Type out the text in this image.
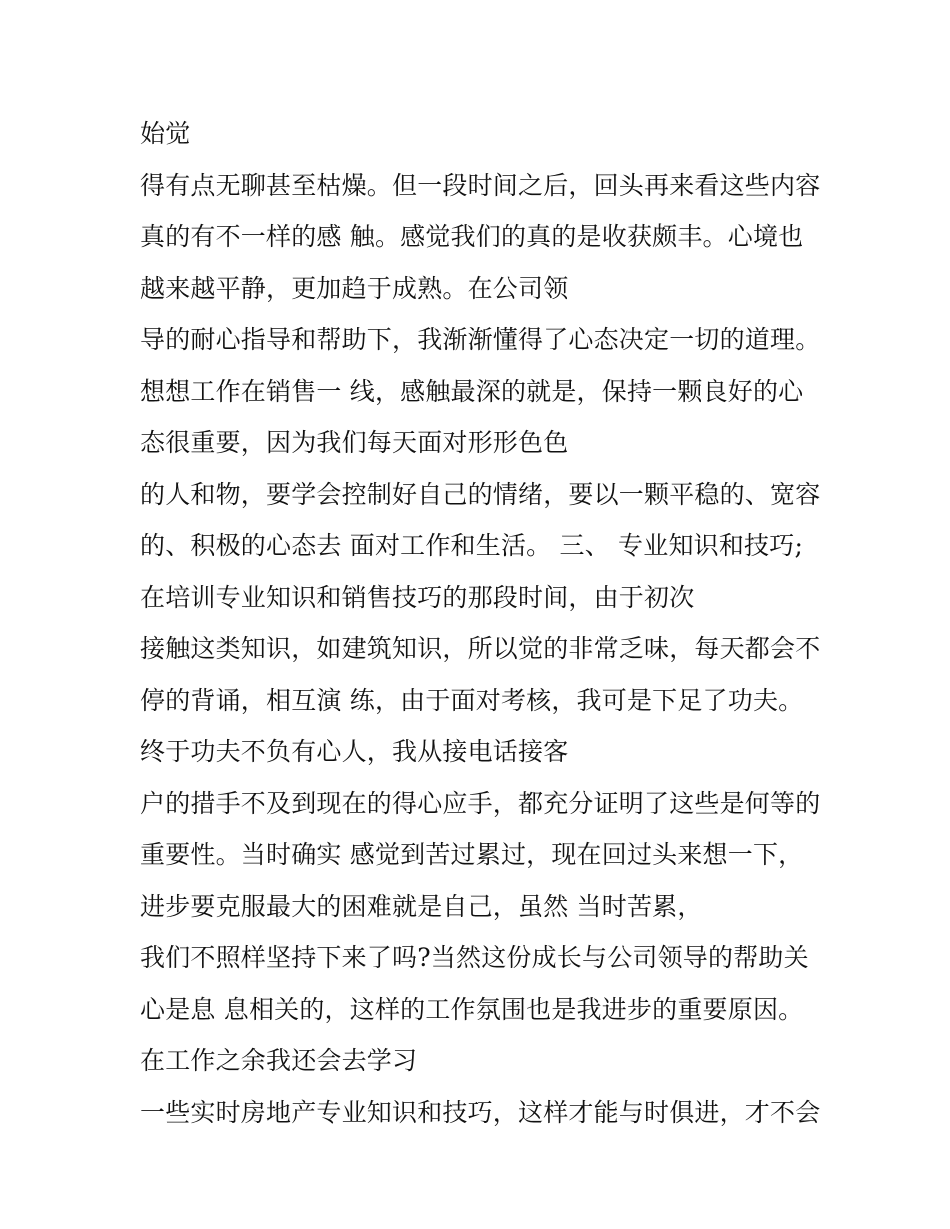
始觉
得有点无聊甚至枯燥。但一段时间之后，回头再来看这些内容
真的有不一样的感 触。感觉我们的真的是收获颇丰。心境也
越来越平静，更加趋于成熟。在公司领
导的耐心指导和帮助下，我渐渐懂得了心态决定一切的道理。
想想工作在销售一 线，感触最深的就是，保持一颗良好的心
态很重要，因为我们每天面对形形色色
的人和物，要学会控制好自己的情绪，要以一颗平稳的、宽容
的、积极的心态去 面对工作和生活。 三、 专业知识和技巧;
在培训专业知识和销售技巧的那段时间，由于初次
接触这类知识，如建筑知识，所以觉的非常乏味，每天都会不
停的背诵，相互演 练，由于面对考核，我可是下足了功夫。
终于功夫不负有心人，我从接电话接客
户的措手不及到现在的得心应手，都充分证明了这些是何等的
重要性。当时确实 感觉到苦过累过，现在回过头来想一下，
进步要克服最大的困难就是自己，虽然 当时苦累，
我们不照样坚持下来了吗?当然这份成长与公司领导的帮助关
心是息 息相关的，这样的工作氛围也是我进步的重要原因。
在工作之余我还会去学习
一些实时房地产专业知识和技巧，这样才能与时俱进，才不会
